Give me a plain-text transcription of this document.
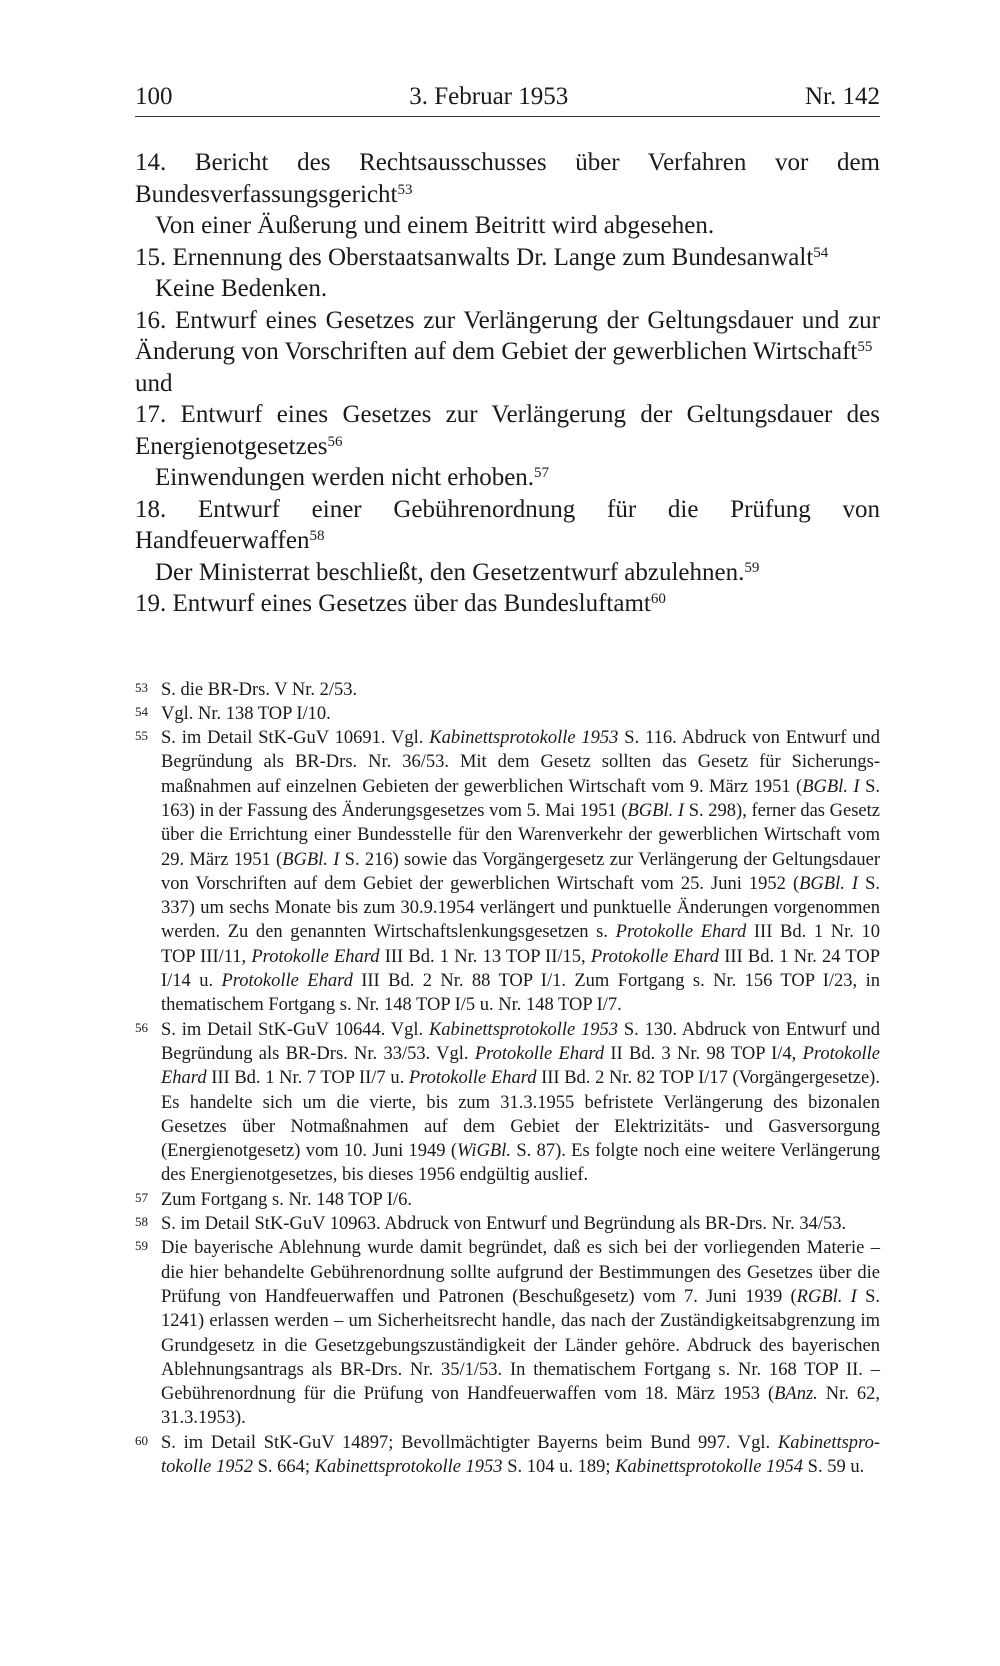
100	3. Februar 1953	Nr. 142

14. Bericht des Rechtsausschusses über Verfahren vor dem Bundesverfassungsgericht$^{53}$

Von einer Äußerung und einem Beitritt wird abgesehen.

15. Ernennung des Oberstaatsanwalts Dr. Lange zum Bundesanwalt$^{54}$

Keine Bedenken.

16. Entwurf eines Gesetzes zur Verlängerung der Geltungsdauer und zur Änderung von Vorschriften auf dem Gebiet der gewerblichen Wirtschaft$^{55}$

und

17. Entwurf eines Gesetzes zur Verlängerung der Geltungsdauer des Energienotgesetzes$^{56}$

Einwendungen werden nicht erhoben.$^{57}$

18. Entwurf einer Gebührenordnung für die Prüfung von Handfeuerwaffen$^{58}$

Der Ministerrat beschließt, den Gesetzentwurf abzulehnen.$^{59}$

19. Entwurf eines Gesetzes über das Bundesluftamt$^{60}$

53 S. die BR-Drs. V Nr. 2/53.
54 Vgl. Nr. 138 TOP I/10.
55 S. im Detail StK-GuV 10691. Vgl. Kabinettsprotokolle 1953 S. 116. Abdruck von Entwurf und Begründung als BR-Drs. Nr. 36/53. Mit dem Gesetz sollten das Gesetz für Sicherungsmaßnahmen auf einzelnen Gebieten der gewerblichen Wirtschaft vom 9. März 1951 (BGBl. I S. 163) in der Fassung des Änderungsgesetzes vom 5. Mai 1951 (BGBl. I S. 298), ferner das Gesetz über die Errichtung einer Bundesstelle für den Warenverkehr der gewerblichen Wirtschaft vom 29. März 1951 (BGBl. I S. 216) sowie das Vorgängergesetz zur Verlängerung der Geltungsdauer von Vorschriften auf dem Gebiet der gewerblichen Wirtschaft vom 25. Juni 1952 (BGBl. I S. 337) um sechs Monate bis zum 30.9.1954 verlängert und punktuelle Änderungen vorgenommen werden. Zu den genannten Wirtschaftslenkungsgesetzen s. Protokolle Ehard III Bd. 1 Nr. 10 TOP III/11, Protokolle Ehard III Bd. 1 Nr. 13 TOP II/15, Protokolle Ehard III Bd. 1 Nr. 24 TOP I/14 u. Protokolle Ehard III Bd. 2 Nr. 88 TOP I/1. Zum Fortgang s. Nr. 156 TOP I/23, in thematischem Fortgang s. Nr. 148 TOP I/5 u. Nr. 148 TOP I/7.
56 S. im Detail StK-GuV 10644. Vgl. Kabinettsprotokolle 1953 S. 130. Abdruck von Entwurf und Begründung als BR-Drs. Nr. 33/53. Vgl. Protokolle Ehard II Bd. 3 Nr. 98 TOP I/4, Protokolle Ehard III Bd. 1 Nr. 7 TOP II/7 u. Protokolle Ehard III Bd. 2 Nr. 82 TOP I/17 (Vorgängergesetze). Es handelte sich um die vierte, bis zum 31.3.1955 befristete Verlängerung des bizonalen Gesetzes über Notmaßnahmen auf dem Gebiet der Elektrizitäts- und Gasversorgung (Energienotgesetz) vom 10. Juni 1949 (WiGBl. S. 87). Es folgte noch eine weitere Verlängerung des Energienotgesetzes, bis dieses 1956 endgültig auslief.
57 Zum Fortgang s. Nr. 148 TOP I/6.
58 S. im Detail StK-GuV 10963. Abdruck von Entwurf und Begründung als BR-Drs. Nr. 34/53.
59 Die bayerische Ablehnung wurde damit begründet, daß es sich bei der vorliegenden Materie – die hier behandelte Gebührenordnung sollte aufgrund der Bestimmungen des Gesetzes über die Prüfung von Handfeuerwaffen und Patronen (Beschußgesetz) vom 7. Juni 1939 (RGBl. I S. 1241) erlassen werden – um Sicherheitsrecht handle, das nach der Zuständigkeitsabgrenzung im Grundgesetz in die Gesetzgebungszuständigkeit der Länder gehöre. Abdruck des bayerischen Ablehnungsantrags als BR-Drs. Nr. 35/1/53. In thematischem Fortgang s. Nr. 168 TOP II. – Gebührenordnung für die Prüfung von Handfeuerwaffen vom 18. März 1953 (BAnz. Nr. 62, 31.3.1953).
60 S. im Detail StK-GuV 14897; Bevollmächtigter Bayerns beim Bund 997. Vgl. Kabinettsprotokolle 1952 S. 664; Kabinettsprotokolle 1953 S. 104 u. 189; Kabinettsprotokolle 1954 S. 59 u.
